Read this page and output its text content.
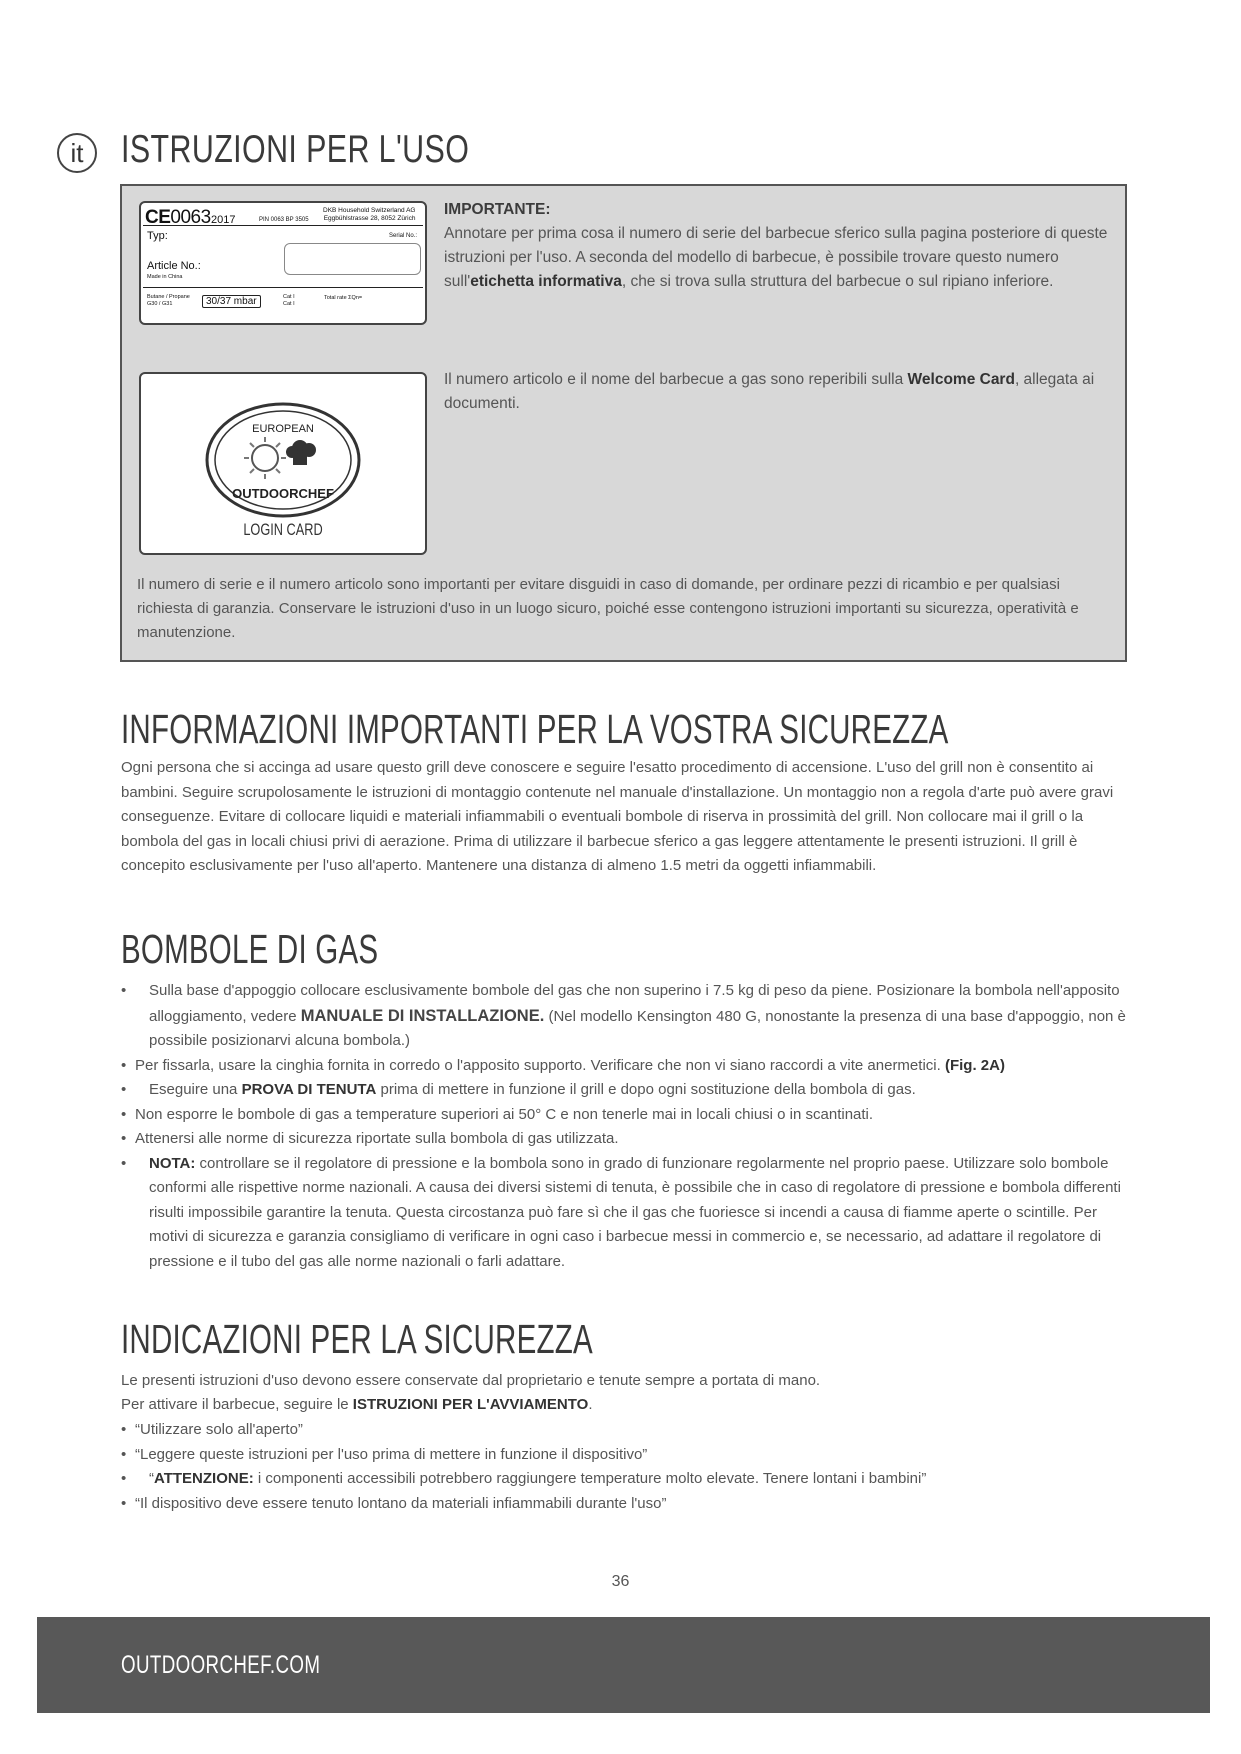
it ISTRUZIONI PER L'USO
CE0063 2017	PIN 0063 BP 3505
DKB Household Switzerland AG
Eggbühlstrasse 28, 8052 Zürich
Typ:	Serial No.:
Article No.:
Made in China
Butane / Propane
G30 / G31	30/37 mbar	Cat I
Cat I
Total rate ΣQn=
IMPORTANTE:
Annotare per prima cosa il numero di serie del barbecue sferico sulla pagina posteriore di queste istruzioni per l'uso. A seconda del modello di barbecue, è possibile trovare questo numero sull'etichetta informativa, che si trova sulla struttura del barbecue o sul ripiano inferiore.
EUROPEAN
OUTDOORCHEF
LOGIN CARD
Il numero articolo e il nome del barbecue a gas sono reperibili sulla Welcome Card, allegata ai documenti.
Il numero di serie e il numero articolo sono importanti per evitare disguidi in caso di domande, per ordinare pezzi di ricambio e per qualsiasi richiesta di garanzia. Conservare le istruzioni d'uso in un luogo sicuro, poiché esse contengono istruzioni importanti su sicurezza, operatività e manutenzione.
INFORMAZIONI IMPORTANTI PER LA VOSTRA SICUREZZA

Ogni persona che si accinga ad usare questo grill deve conoscere e seguire l'esatto procedimento di accensione. L'uso del grill non è consentito ai bambini. Seguire scrupolosamente le istruzioni di montaggio contenute nel manuale d'installazione. Un montaggio non a regola d'arte può avere gravi conseguenze. Evitare di collocare liquidi e materiali infiammabili o eventuali bombole di riserva in prossimità del grill. Non collocare mai il grill o la bombola del gas in locali chiusi privi di aerazione. Prima di utilizzare il barbecue sferico a gas leggere attentamente le presenti istruzioni. Il grill è concepito esclusivamente per l'uso all'aperto. Mantenere una distanza di almeno 1.5 metri da oggetti infiammabili.

BOMBOLE DI GAS
• Sulla base d'appoggio collocare esclusivamente bombole del gas che non superino i 7.5 kg di peso da piene. Posizionare la bombola nell'apposito alloggiamento, vedere MANUALE DI INSTALLAZIONE. (Nel modello Kensington 480 G, nonostante la presenza di una base d'appoggio, non è possibile posizionarvi alcuna bombola.)
• Per fissarla, usare la cinghia fornita in corredo o l'apposito supporto. Verificare che non vi siano raccordi a vite anermetici. (Fig. 2A)
• Eseguire una PROVA DI TENUTA prima di mettere in funzione il grill e dopo ogni sostituzione della bombola di gas.
• Non esporre le bombole di gas a temperature superiori ai 50° C e non tenerle mai in locali chiusi o in scantinati.
• Attenersi alle norme di sicurezza riportate sulla bombola di gas utilizzata.
• NOTA: controllare se il regolatore di pressione e la bombola sono in grado di funzionare regolarmente nel proprio paese. Utilizzare solo bombole conformi alle rispettive norme nazionali. A causa dei diversi sistemi di tenuta, è possibile che in caso di regolatore di pressione e bombola differenti risulti impossibile garantire la tenuta. Questa circostanza può fare sì che il gas che fuoriesce si incendi a causa di fiamme aperte o scintille. Per motivi di sicurezza e garanzia consigliamo di verificare in ogni caso i barbecue messi in commercio e, se necessario, ad adattare il regolatore di pressione e il tubo del gas alle norme nazionali o farli adattare.
INDICAZIONI PER LA SICUREZZA

Le presenti istruzioni d'uso devono essere conservate dal proprietario e tenute sempre a portata di mano.

Per attivare il barbecue, seguire le ISTRUZIONI PER L'AVVIAMENTO.

• “Utilizzare solo all'aperto”
• “Leggere queste istruzioni per l'uso prima di mettere in funzione il dispositivo”
• “ATTENZIONE: i componenti accessibili potrebbero raggiungere temperature molto elevate. Tenere lontani i bambini”
• “Il dispositivo deve essere tenuto lontano da materiali infiammabili durante l'uso”
36
OUTDOORCHEF.COM
